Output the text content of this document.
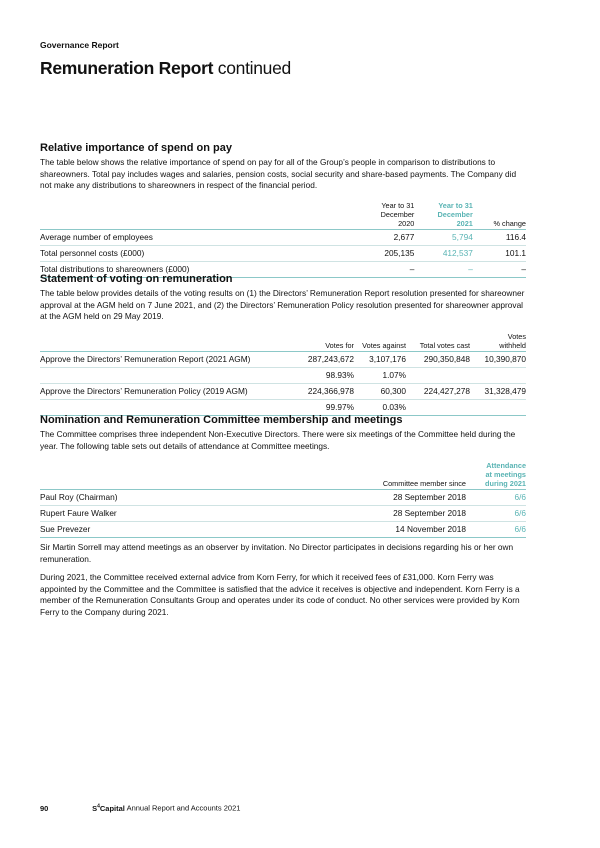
Governance Report
Remuneration Report continued
Relative importance of spend on pay

The table below shows the relative importance of spend on pay for all of the Group’s people in comparison to distributions to shareowners. Total pay includes wages and salaries, pension costs, social security and share-based payments. The Company did not make any distributions to shareowners in respect of the financial period.

	Year to 31
December
2020	Year to 31
December
2021	% change
Average number of employees	2,677	5,794	116.4
Total personnel costs (£000)	205,135	412,537	101.1
Total distributions to shareowners (£000)	–	–	–
Statement of voting on remuneration

The table below provides details of the voting results on (1) the Directors’ Remuneration Report resolution presented for shareowner approval at the AGM held on 7 June 2021, and (2) the Directors’ Remuneration Policy resolution presented for shareowner approval at the AGM held on 29 May 2019.

	Votes for	Votes against	Total votes cast	Votes
withheld
Approve the Directors’ Remuneration Report (2021 AGM)	287,243,672	3,107,176	290,350,848	10,390,870
	98.93%	1.07%		
Approve the Directors’ Remuneration Policy (2019 AGM)	224,366,978	60,300	224,427,278	31,328,479
	99.97%	0.03%		
Nomination and Remuneration Committee membership and meetings

The Committee comprises three independent Non-Executive Directors. There were six meetings of the Committee held during the year. The following table sets out details of attendance at Committee meetings.

	Committee member since	Attendance
at meetings
during 2021
Paul Roy (Chairman)	28 September 2018	6/6
Rupert Faure Walker	28 September 2018	6/6
Sue Prevezer	14 November 2018	6/6

Sir Martin Sorrell may attend meetings as an observer by invitation. No Director participates in decisions regarding his or her own remuneration.

During 2021, the Committee received external advice from Korn Ferry, for which it received fees of £31,000. Korn Ferry was appointed by the Committee and the Committee is satisfied that the advice it receives is objective and independent. Korn Ferry is a member of the Remuneration Consultants Group and operates under its code of conduct. No other services were provided by Korn Ferry to the Company during 2021.

90	$S^4Capital$ Annual Report and Accounts 2021
